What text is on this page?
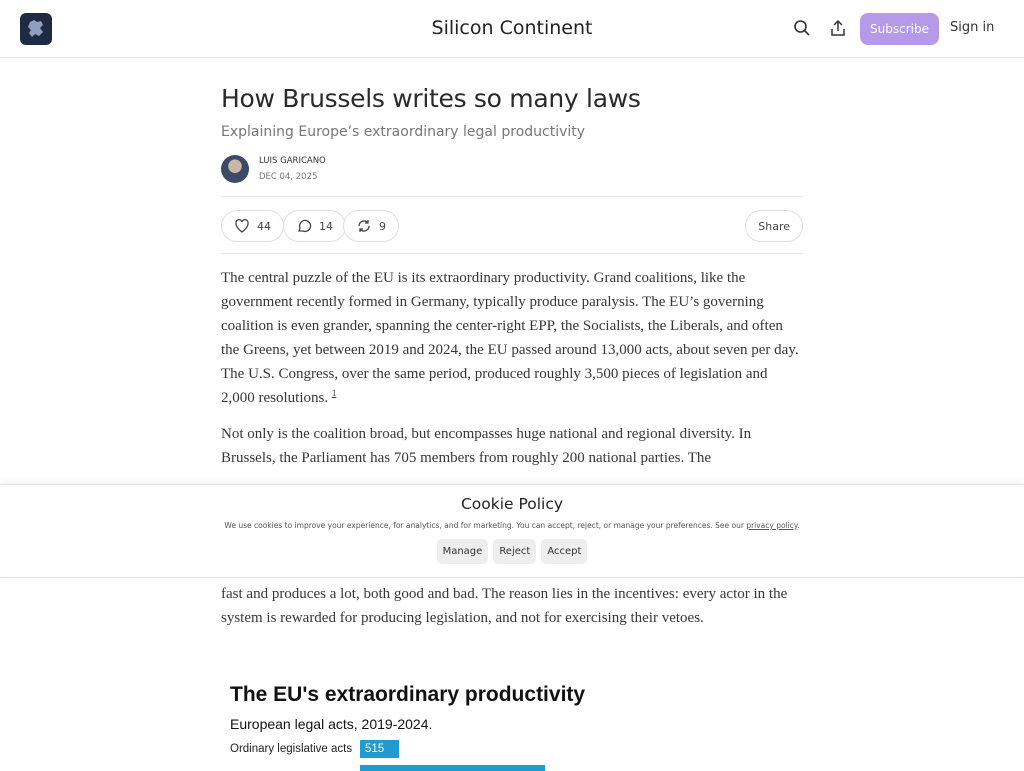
Silicon Continent	Subscribe	Sign in
How Brussels writes so many laws
Explaining Europe’s extraordinary legal productivity
LUIS GARICANO
DEC 04, 2025
44	14	9	Share

The central puzzle of the EU is its extraordinary productivity. Grand coalitions, like the government recently formed in Germany, typically produce paralysis. The EU’s governing coalition is even grander, spanning the center-right EPP, the Socialists, the Liberals, and often the Greens, yet between 2019 and 2024, the EU passed around 13,000 acts, about seven per day. The U.S. Congress, over the same period, produced roughly 3,500 pieces of legislation and 2,000 resolutions. $^1$

Not only is the coalition broad, but encompasses huge national and regional diversity. In Brussels, the Parliament has 705 members from roughly 200 national parties. The

Cookie Policy
We use cookies to improve your experience, for analytics, and for marketing. You can accept, reject, or manage your preferences. See our privacy policy.
Manage	Reject	Accept
fast and produces a lot, both good and bad. The reason lies in the incentives: every actor in the system is rewarded for producing legislation, and not for exercising their vetoes.
The EU's extraordinary productivity
European legal acts, 2019-2024.
Ordinary legislative acts	515
